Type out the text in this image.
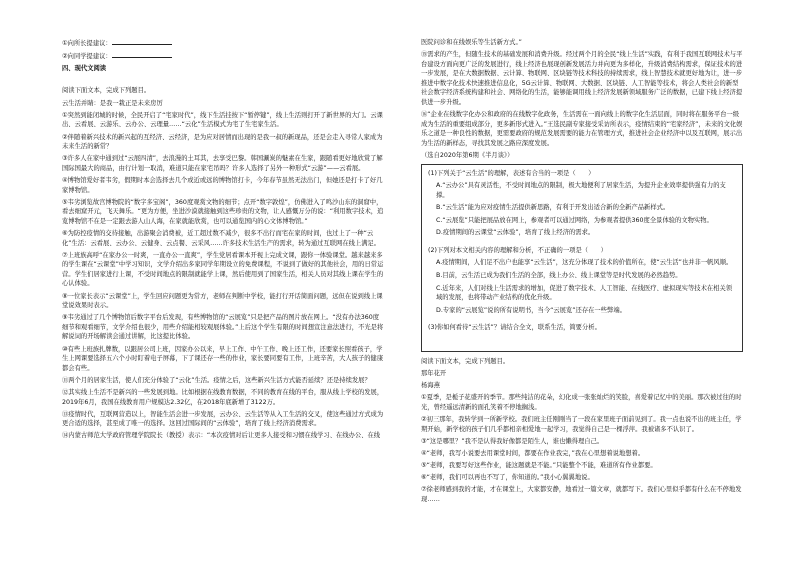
①向所长提建议：

②向同学提建议：

四、现代文阅读

阅读下面文本，完成下列题目。

云生活并睛：是我一栽正是未来房厉

①突然到能闭城的时候，全民开启了“宅家时代”，线下生活挂按下“暂停键”，线上生活则打开了新世界的大门。云课出、云看展、云游乐、云办公、云理量……“云化”生活模式为宅了生宅家生活。

②伴随着新兴技术的新兴起的互经济、云经济，是为应对居情而出现的是我一叔的新现品，还是会走入寻常人家成为未来生活的新常？

③许多人在家中通到过“云展四清”，去浪漫的土耳其，去享受巴黎。韩国涮炭的魅素在生家，跟随看更好地欣赏了解国际国最大的商品，由行计划一取消，难道只能在家宅吊吗？许多人选择了另外一种形式“云游”——云看展。

④博物馆爱好者韦劣，假期时本会选择去几个或近或远的博物馆打卡，今年春节虽然无法出门，但她还是打卡了好几家博物馆。

⑤韦劣浏览故宫博物院的“数字多宝阁”，360度观赏文物的细节；点开“数字敦煌”，仿佛进入了鸣沙山东的洞窟中，看去细窟开元，飞天舞乐。“更为方便，坐进沙漠就接触到这些珍贵的文物，让人感慨万分的说：“利用数字技术，追览博物馆不在是一定跟去游人山人海，在家就能欣赏，也可以通览国内的心文体博物馆。”

⑥为防控疫情的交待接触，出游聚会消费被，近工超过数不减少，很多不出行而宅在家的时间，也过上了一种“云化”生活：云看展、云办公、云健身、云点餐、云采风……许多技术生活生产的需求，转为通过互联网在线上满足。

⑦上班族高呼“在家办公一时爽，一直办公一直爽”，学生党居看课本开视上完成文课，跟你一体验课堂。越来越来多的学生课在“云课堂”中学习知识，文学介绍出多家同学年期设立的免费课程，不说到了做好的其他社会，用的日常运营。学生们居家进行上课，不受时间地点的限制就能学上课，然后使用到了国家生活，相关人员对其线上课在学生的心认体验。

⑧一位家长表示“云课堂”上，学生回应问题更为常方，老师在判断中学校，能打行开话简面问题，远但在说到线上课堂说效果时表示。

⑨韦劣通过了几个博物馆后数字平台后发现，有些博物馆的“云展览”只是把产品的图片放在网上。“没有办法360度细节和观看细节，文学介绍也很少，用些介绍能相较观展体验。”上后这个学生有限的时间想宣注意法进行，不光是将解说词的开场解读会通过讲解，比这提比体验。

⑩有些上班族扎牌数，以跟居公司上班，因家办公以来，早上工作、中午工作、晚上还工作，还要家长照看孩子，学生上网课要选择五六个小时盯着电子屏幕，下了课还存一些的作业，家长要同要有工作，上班辛苦，大人孩子的健康都会有些。

⑪两个月的居家生活，使人们充分体验了“云化”生活。疫情之后，这些新兴生活方式能否延续？还是持续发展？

⑫其实线上生活不是新兴的一些发展到地。比如根据在线教育数据，不同的教育在线的平台，服从线上学校的发展，2019年6月，我国在线教育用户规模达2.32亿，在2018年底新增了3122万。

⑬疫情时代，互联网营造以上，智能生活会进一步发展，云办公、云生活等从入工生活的交叉，使这些通过方式成为更合适的选择，甚至成了唯一的选择。这回过国际间的“云体验”，培育了线上经济消费需求。

⑭内蒙古师范大学政府管理学院院长（教授）表示：“本次疫情对后让更多人接受和习惯在线学习、在线办公、在线

医院问诊和在线娱乐等生活新方式。”

⑮需求的产生，但随生技术的基础发展和消费升级。经过两个月的全民“线上生活”实践，有利于我国互联网技术与平台建设方面向更广泛的发展进行，线上经济也展现创新发展活力并向更为多样化，升级消费结构需求，保证技术的进一步发展，是在大数据数据、云计算、物联网、区块链等技术科技的持续需求，线上智慧技术就更好地为让，进一步推进中数字化技术快速推进信息化，5G云计算、物联网、大数据、区块链、人工智能等技术，将会人类社会的新型社会数字经济系统构建和社会、网络化的生活，能够能调用线上经济发展新领域服务广泛的数据，已建下线上经济提供进一步升级。

⑯“企业在线数字化办公和政府的在线数字化政务，生活需在一面向线上的数字化生活层面，同时将在服务平台一级成为生活的重要组成部分，更多新形式进入。”王选民副专家接受采访所表示，疫情结束的“宅家经济”，未来的文化娱乐之道是一种良性的数据，更需要政府的规范发展需要的能力在管理方式，推进社会企业经济中以及互联网，展示出为生活的新样态，寻找其发展之路应深度发展。

（选自2020年第6期《半月谈》）

(1)下列关于“云生活”的理解，表述有合当的一项是（　　）

A.“云办公”具有灵活性，不受时间地点的限制，极大地便利了居家生活，为提升企业效率提供强有力的支撑。

B.“云生活”能为应对疫情生活提供新思路，有利于开发出适合新的全新产品新样式。

C.“云展览”只能把展品放在网上，参观者可以通过网络，为参观者提供360度全景体验的文物实物。

D.疫情期间的云课堂“云体验”，培育了线上经济的需求。

(2)下列对本文相关内容的理解和分析，不正确的一项是（　　）

A.疫情期间，人们足不出户也能享“云生活”，这充分体现了技术的价值所在，使“云生活”也并非一帆风顺。

B.目前，云生活已成为我们生活的全部，线上办公、线上课堂等是时代发展的必然趋势。

C.近年来，人们对线上生活需求的增加，促进了数字技术、人工智能、在线医疗、虚拟现实等技术在相关领域的发展，也将带动产业结构的优化升级。

D.专家的“云展览”说的所有说明书，当今“云展览”还存在一些弊端。

(3)你如何看待“云生活”？请结合全文，联系生活，简要分析。

阅读下面文本，完成下列题目。

那年花开

杨海燕

①夏季，是栀子花盛开的季节。那些纯洁的花朵，幻化成一张张灿烂的笑脸，喜爱着记忆中的美丽。那次被过往的时光，曾经遥远清新的面孔笑着不停地搁浅。

②初三那年，我转学到一所新学校。我们班主任刚刚当了一段在家里班子面前见到了。我一点也说不出的班主任，学期开始，新学校的孩子们几乎都相亲相爱地一起学习，我觉得自己是一棵浮萍。我被诸多不认识了。

③“这是哪里？”我不是认得我好像都是陌生人，谁也懒得理自己。

④“老师，我写小说要去用课堂时间，都要在作业我完，”我在心里想着说地想着。

⑤“老师，我要写好这些作业，能这题就是不能。”只能整个不能，难道所有作业都要。

⑥“老师，我们可以再也不写了，你知道的。”我小心翼翼地说。

⑦徐老师感到我的才能，才在课堂上，大家都安静，地看过一篇文章，就都写下。我们心里似乎都有什么在不停地发现……
